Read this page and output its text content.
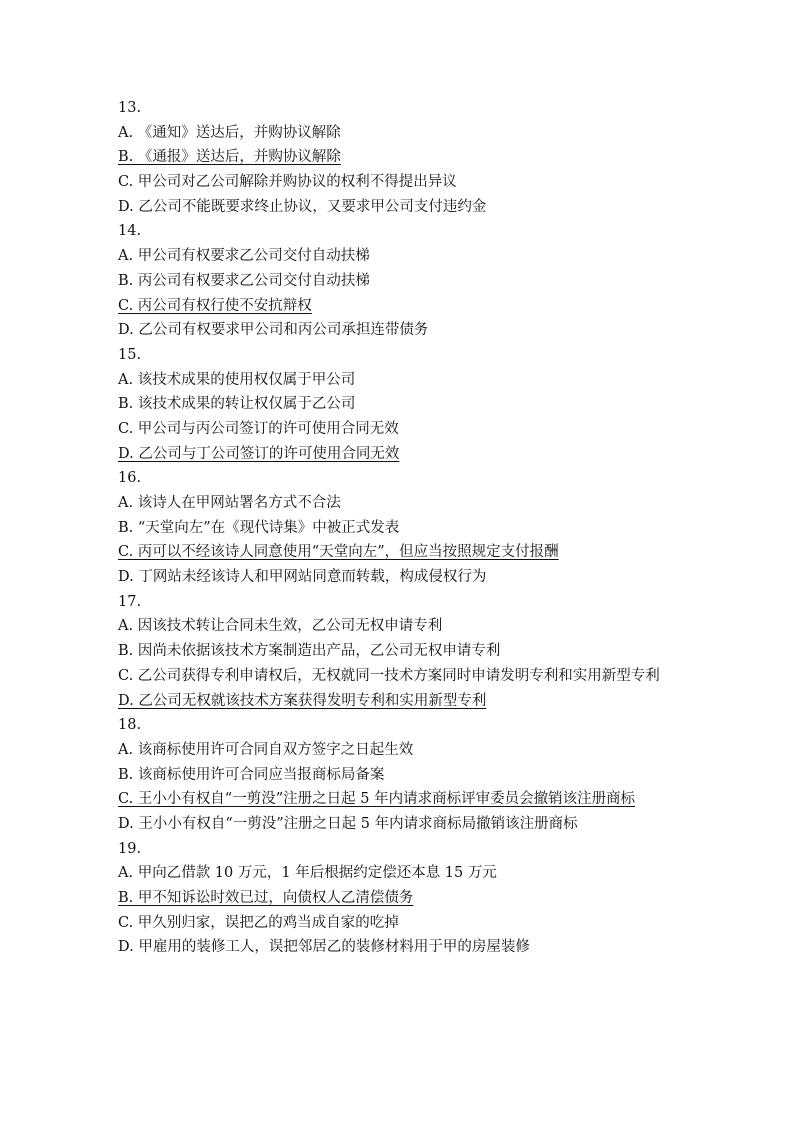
13.
A. 《通知》送达后，并购协议解除
B. 《通报》送达后，并购协议解除
C. 甲公司对乙公司解除并购协议的权利不得提出异议
D. 乙公司不能既要求终止协议，又要求甲公司支付违约金
14.
A. 甲公司有权要求乙公司交付自动扶梯
B. 丙公司有权要求乙公司交付自动扶梯
C. 丙公司有权行使不安抗辩权
D. 乙公司有权要求甲公司和丙公司承担连带债务
15.
A. 该技术成果的使用权仅属于甲公司
B. 该技术成果的转让权仅属于乙公司
C. 甲公司与丙公司签订的许可使用合同无效
D. 乙公司与丁公司签订的许可使用合同无效
16.
A. 该诗人在甲网站署名方式不合法
B. “天堂向左”在《现代诗集》中被正式发表
C. 丙可以不经该诗人同意使用“天堂向左”，但应当按照规定支付报酬
D. 丁网站未经该诗人和甲网站同意而转载，构成侵权行为
17.
A. 因该技术转让合同未生效，乙公司无权申请专利
B. 因尚未依据该技术方案制造出产品，乙公司无权申请专利
C. 乙公司获得专利申请权后，无权就同一技术方案同时申请发明专利和实用新型专利
D. 乙公司无权就该技术方案获得发明专利和实用新型专利
18.
A. 该商标使用许可合同自双方签字之日起生效
B. 该商标使用许可合同应当报商标局备案
C. 王小小有权自“一剪没”注册之日起 5 年内请求商标评审委员会撤销该注册商标
D. 王小小有权自“一剪没”注册之日起 5 年内请求商标局撤销该注册商标
19.
A. 甲向乙借款 10 万元，1 年后根据约定偿还本息 15 万元
B. 甲不知诉讼时效已过，向债权人乙清偿债务
C. 甲久别归家，误把乙的鸡当成自家的吃掉
D. 甲雇用的装修工人，误把邻居乙的装修材料用于甲的房屋装修
